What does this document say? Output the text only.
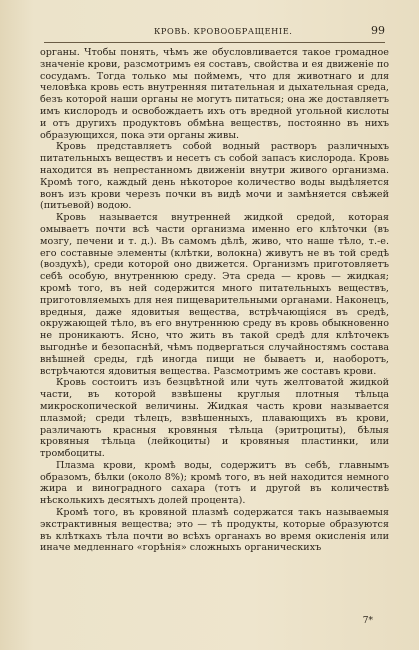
КРОВЬ. КРОВООБРАЩЕНІЕ.	99

органы. Чтобы понять, чѣмъ же обусловливается такое громадное значеніе крови, разсмотримъ ея составъ, свойства и ея движеніе по сосудамъ. Тогда только мы поймемъ, что для животнаго и для человѣка кровь есть внутренняя питательная и дыхательная среда, безъ которой наши органы не могутъ питаться; она же доставляетъ имъ кислородъ и освобождаетъ ихъ отъ вредной угольной кислоты и отъ другихъ продуктовъ обмѣна веществъ, постоянно въ нихъ образующихся, пока эти органы живы.

Кровь представляетъ собой водный растворъ различныхъ питательныхъ веществъ и несетъ съ собой запасъ кислорода. Кровь находится въ непрестанномъ движеніи внутри живого организма. Кромѣ того, каждый день нѣкоторое количество воды выдѣляется вонъ изъ крови черезъ почки въ видѣ мочи и замѣняется свѣжей (питьевой) водою.

Кровь называется внутренней жидкой средой, которая омываетъ почти всѣ части организма именно его клѣточки (въ мозгу, печени и т. д.). Въ самомъ дѣлѣ, живо, что наше тѣло, т.-е. его составные элементы (клѣтки, волокна) живутъ не въ той средѣ (воздухѣ), среди которой оно движется. Организмъ приготовляетъ себѣ особую, внутреннюю среду. Эта среда — кровь — жидкая; кромѣ того, въ ней содержится много питательныхъ веществъ, приготовляемыхъ для нея пищеварительными органами. Наконецъ, вредныя, даже ядовитыя вещества, встрѣчающіяся въ средѣ, окружающей тѣло, въ его внутреннюю среду въ кровь обыкновенно не проникаютъ. Ясно, что жить въ такой средѣ для клѣточекъ выгоднѣе и безопаснѣй, чѣмъ подвергаться случайностямъ состава внѣшней среды, гдѣ иногда пищи не бываетъ и, наоборотъ, встрѣчаются ядовитыя вещества. Разсмотримъ же составъ крови.

Кровь состоитъ изъ безцвѣтной или чуть желтоватой жидкой части, въ которой взвѣшены круглыя плотныя тѣльца микроскопической величины. Жидкая часть крови называется плазмой; среди тѣлецъ, взвѣшенныхъ, плавающихъ въ крови, различаютъ красныя кровяныя тѣльца (эритроциты), бѣлыя кровяныя тѣльца (лейкоциты) и кровяныя пластинки, или тромбоциты.

Плазма крови, кромѣ воды, содержитъ въ себѣ, главнымъ образомъ, бѣлки (около 8%); кромѣ того, въ ней находится немного жира и виноградного сахара (тотъ и другой въ количествѣ нѣсколькихъ десятыхъ долей процента).

Кромѣ того, въ кровяной плазмѣ содержатся такъ называемыя экстрактивныя вещества; это — тѣ продукты, которые образуются въ клѣткахъ тѣла почти во всѣхъ органахъ во время окисленія или иначе медленнаго «горѣнія» сложныхъ органическихъ

7*
